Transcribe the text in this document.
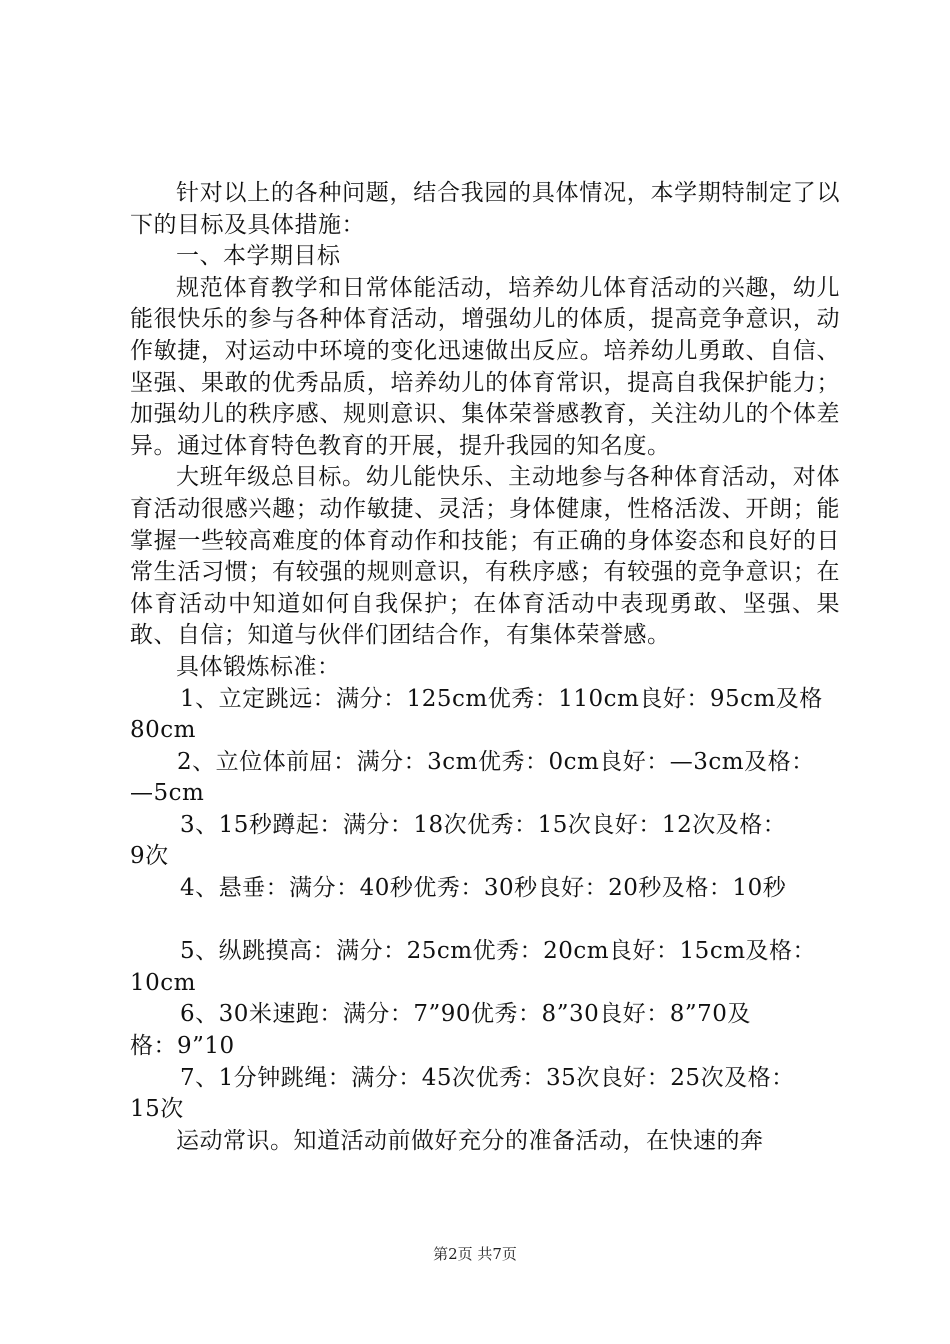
针对以上的各种问题，结合我园的具体情况，本学期特制定了以下的目标及具体措施：

一、本学期目标

规范体育教学和日常体能活动，培养幼儿体育活动的兴趣，幼儿能很快乐的参与各种体育活动，增强幼儿的体质，提高竞争意识，动作敏捷，对运动中环境的变化迅速做出反应。培养幼儿勇敢、自信、坚强、果敢的优秀品质，培养幼儿的体育常识，提高自我保护能力；加强幼儿的秩序感、规则意识、集体荣誉感教育，关注幼儿的个体差异。通过体育特色教育的开展，提升我园的知名度。

大班年级总目标。幼儿能快乐、主动地参与各种体育活动，对体育活动很感兴趣；动作敏捷、灵活；身体健康，性格活泼、开朗；能掌握一些较高难度的体育动作和技能；有正确的身体姿态和良好的日常生活习惯；有较强的规则意识，有秩序感；有较强的竞争意识；在体育活动中知道如何自我保护；在体育活动中表现勇敢、坚强、果敢、自信；知道与伙伴们团结合作，有集体荣誉感。

具体锻炼标准：

1、立定跳远：满分：125cm优秀：110cm良好：95cm及格
80cm

2、立位体前屈：满分：3cm优秀：0cm良好：—3cm及格：
—5cm

3、15秒蹲起：满分：18次优秀：15次良好：12次及格：
9次

4、悬垂：满分：40秒优秀：30秒良好：20秒及格：10秒

5、纵跳摸高：满分：25cm优秀：20cm良好：15cm及格：
10cm

6、30米速跑：满分：7”90优秀：8”30良好：8”70及
格：9”10

7、1分钟跳绳：满分：45次优秀：35次良好：25次及格：
15次

运动常识。知道活动前做好充分的准备活动，在快速的奔

第2页 共7页
